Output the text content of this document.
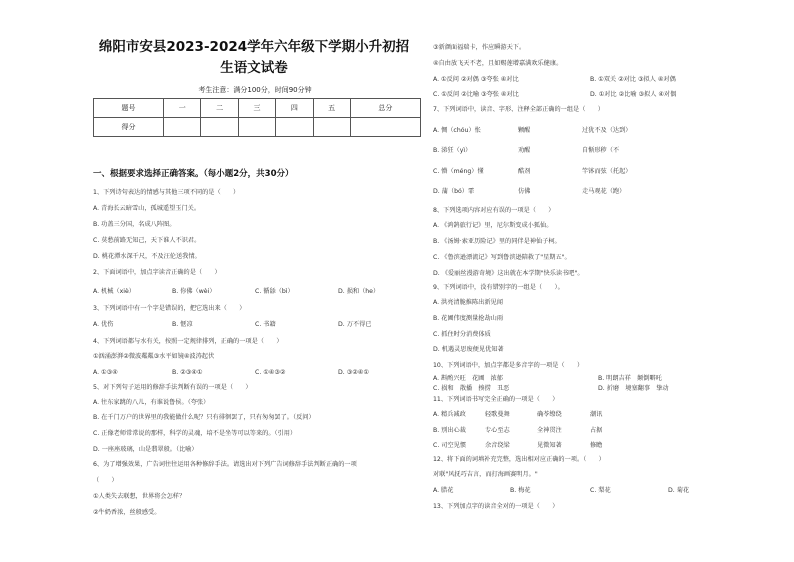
绵阳市安县2023-2024学年六年级下学期小升初招生语文试卷
考生注意：满分100分，时间90分钟
题号	一	二	三	四	五	总分
得分						
一、根据要求选择正确答案。（每小题2分，共30分）
1、下列诗句表达的情感与其他三项不同的是（　　）
A. 青海长云暗雪山，孤城遥望玉门关。
B. 功盖三分国，名成八阵图。
C. 莫愁前路无知己，天下谁人不识君。
D. 桃花潭水深千尺，不及汪伦送我情。
2、下面词语中，加点字读音正确的是（　　）
3、下列词语中有一个字是错误的，把它选出来（　　）
4、下列词语都与水有关，按照一定规律排列，正确的一项是（　　）
①汹涌澎湃②微波粼粼③水平如镜④波涛起伏
5、对下列句子运用的修辞手法判断有误的一项是（　　）
A. 往东家跳的八儿，有谁说鲁侯。（夸张）
B. 在千门万户的世界里的我能做什么呢？只有徘徊罢了，只有匆匆罢了。（反问）
C. 正像老师常常说的那样，科学的灵魂，培不是坐等可以等来的。（引用）
D. 一座座玻璃，山是翡翠般。（比喻）
6、为了增强效果，广告词往往运用各种修辞手法。请选出对下列广告词修辞手法判断正确的一项
（　　）
①人类失去联想，世界将会怎样？
②牛奶香浓，丝般感受。
A. 机械（xiè）	B. 你佛（wèi）	C. 循舔（bì）	D. 损和（he）
A. 优伤	B. 惬凉	C. 书籍	D. 万不得已
A. ①③④	B. ②③④①	C. ①④③②	D. ③②④①
③新颜面福瑞卡，作应瞬游天下。
④自由放飞天不老，且如赐莲增嘉满欢乐健康。
7、下列词语中，读音、字形、注释全部正确的一组是（　　）
8、下列选项内容对应有误的一项是（　　）
A. 《鸿鹄旅行记》里，尼尔斯变成小狐仙。
B. 《汤姆·索亚历险记》里的同伴是神仙子柯。
C. 《鲁滨逊漂流记》写到鲁滨逊陪救了"星期五"。
D. 《爱丽丝漫游奇境》这出就在本学期"快乐读书吧"。
9、下列词语中，没有错别字的一组是（　　）。
A. 洪亮清脆推陈出新见闻
B. 花圃伟度测量抢劫山雨
C. 抓住时分消费体质
D. 机遇灵思废便见优知著
10、下列词语中，加点字都是多音字的一项是（　　）
11、下列词语书写完全正确的一项是（　　）
12、将下面的词填补充完整，选出相对应正确的一项。（　　）
对联"风抚巧吉言，而打海画赛明月。"
13、下列加点字的读音全对的一项是（　　）
A. ①反问 ②对偶 ③夸张 ④对比	B. ①双关 ②对比 ③拟人 ④对偶
C. ①反问 ②比喻 ③夸张 ④对比	D. ①对比 ②比喻 ③拟人 ④对偶
A. 惆（chóu）怅	颗醒	过犹不及（达到）
B. 涕狂（yì）	劝醒	自惭形秽（不
C. 懵（méng）懂	酷剂	竿钵而弦（托起）
D. 蒲（bó）霏	仿佛	走马观花（跑）
A. 斟酌兴旺　花圃　浓郁	B. 明朗吉祥　颠倒噼吒
C. 损和　散播　揍捞　丑恶	D. 折磨　境塞翻事　挚动
A. 精兵减政	轻歌曼舞	确苓缭绕	潮讯
B. 別出心裁	专心至志	全神贯注	占据
C. 司空见惯	余音绕梁	见微知著	修瞻
A. 腊花	B. 梅花	C. 梨花	D. 菊花
